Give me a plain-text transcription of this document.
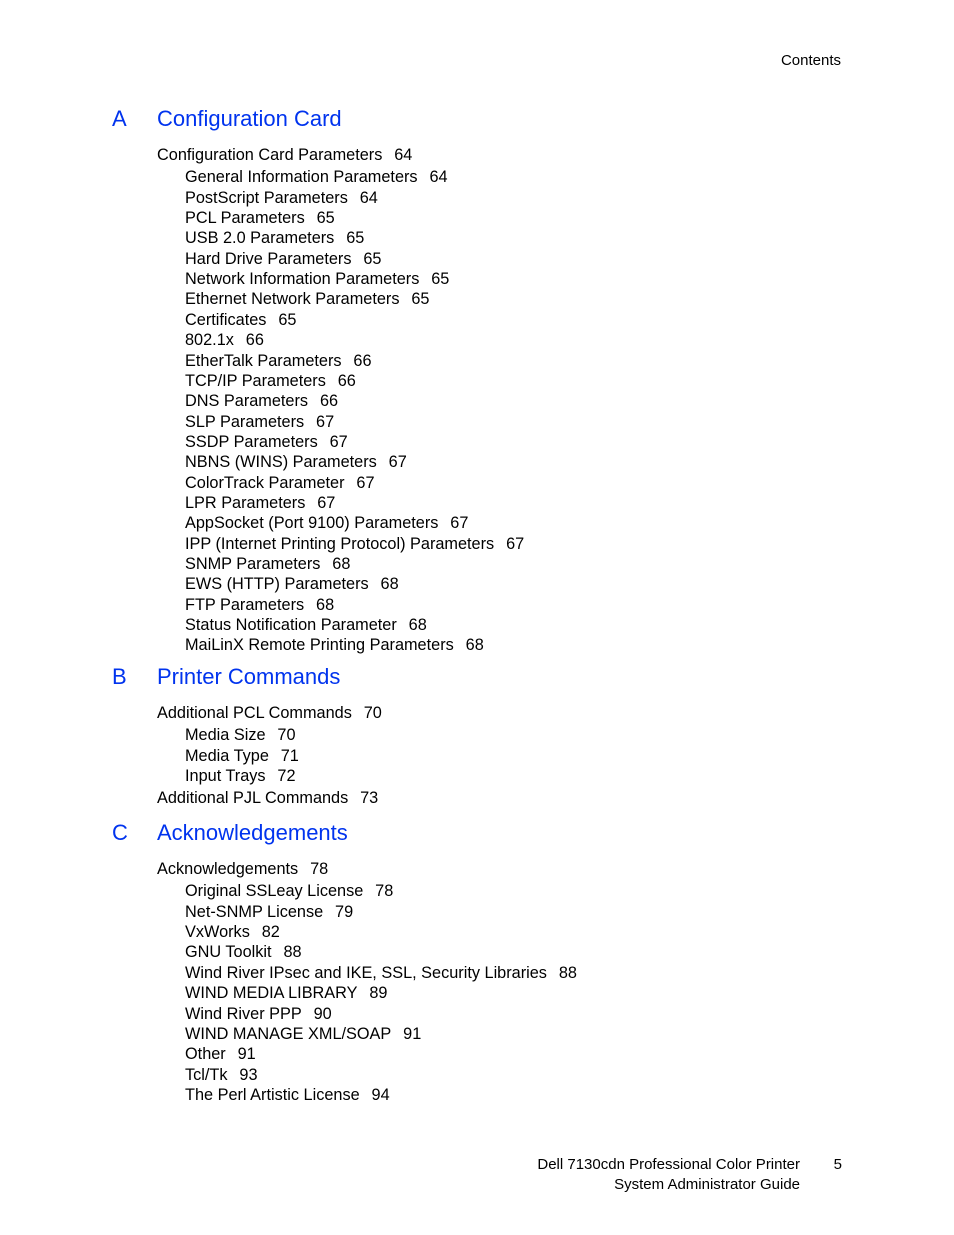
Contents
A Configuration Card
Configuration Card Parameters . . . 64
General Information Parameters . . . 64
PostScript Parameters . . . 64
PCL Parameters . . . 65
USB 2.0 Parameters . . . 65
Hard Drive Parameters . . . 65
Network Information Parameters . . . 65
Ethernet Network Parameters . . . 65
Certificates . . . 65
802.1x . . . 66
EtherTalk Parameters . . . 66
TCP/IP Parameters . . . 66
DNS Parameters . . . 66
SLP Parameters . . . 67
SSDP Parameters . . . 67
NBNS (WINS) Parameters . . . 67
ColorTrack Parameter . . . 67
LPR Parameters . . . 67
AppSocket (Port 9100) Parameters . . . 67
IPP (Internet Printing Protocol) Parameters . . . 67
SNMP Parameters . . . 68
EWS (HTTP) Parameters . . . 68
FTP Parameters . . . 68
Status Notification Parameter . . . 68
MaiLinX Remote Printing Parameters . . . 68
B Printer Commands
Additional PCL Commands . . . 70
Media Size . . . 70
Media Type . . . 71
Input Trays . . . 72
Additional PJL Commands . . . 73
C Acknowledgements
Acknowledgements . . . 78
Original SSLeay License . . . 78
Net-SNMP License . . . 79
VxWorks . . . 82
GNU Toolkit . . . 88
Wind River IPsec and IKE, SSL, Security Libraries . . . 88
WIND MEDIA LIBRARY . . . 89
Wind River PPP . . . 90
WIND MANAGE XML/SOAP . . . 91
Other . . . 91
Tcl/Tk . . . 93
The Perl Artistic License . . . 94
Dell 7130cdn Professional Color Printer
System Administrator Guide
5
